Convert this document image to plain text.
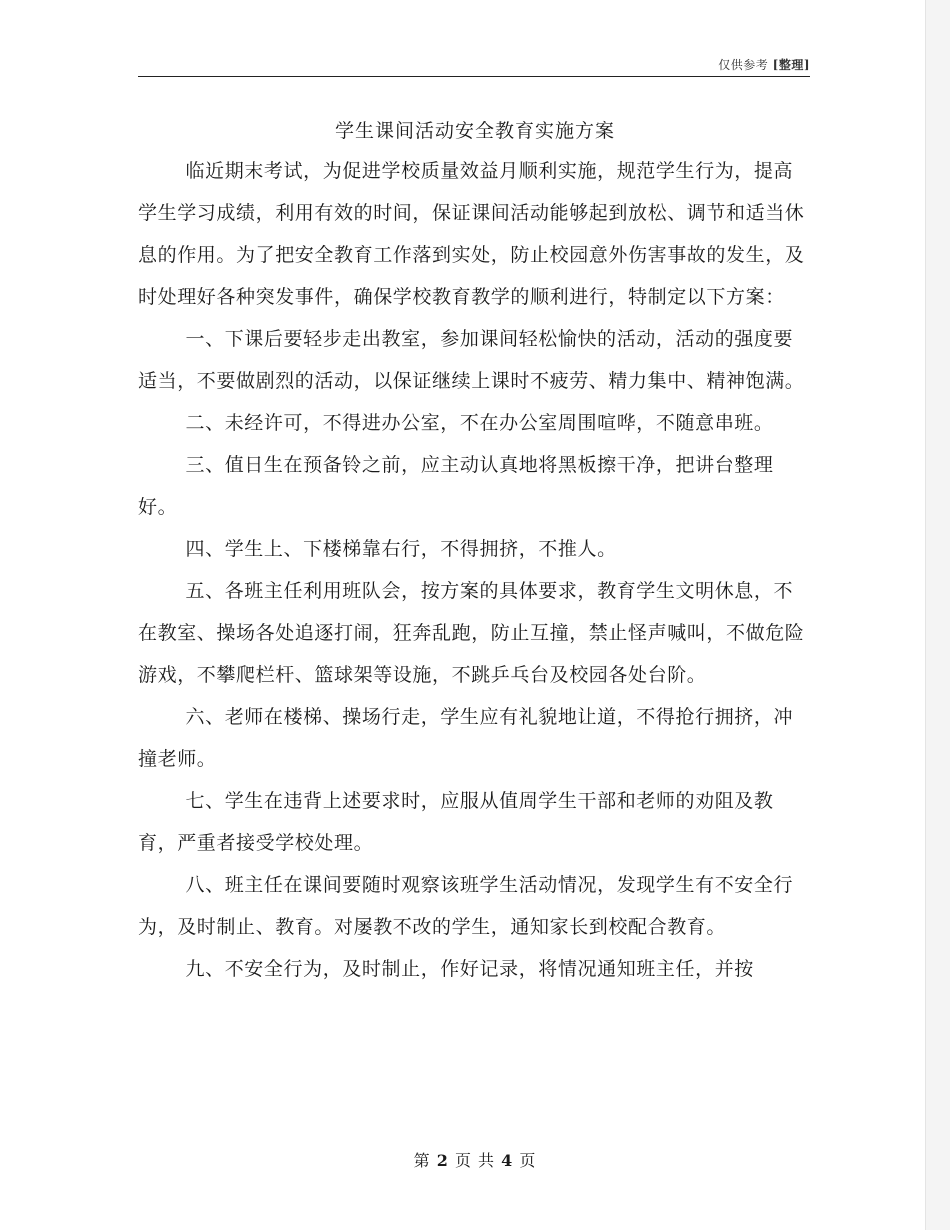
仅供参考 [整理]
学生课间活动安全教育实施方案

临近期末考试，为促进学校质量效益月顺利实施，规范学生行为，提高学生学习成绩，利用有效的时间，保证课间活动能够起到放松、调节和适当休息的作用。为了把安全教育工作落到实处，防止校园意外伤害事故的发生，及时处理好各种突发事件，确保学校教育教学的顺利进行，特制定以下方案：

一、下课后要轻步走出教室，参加课间轻松愉快的活动，活动的强度要适当，不要做剧烈的活动，以保证继续上课时不疲劳、精力集中、精神饱满。

二、未经许可，不得进办公室，不在办公室周围喧哗，不随意串班。

三、值日生在预备铃之前，应主动认真地将黑板擦干净，把讲台整理好。

四、学生上、下楼梯靠右行，不得拥挤，不推人。

五、各班主任利用班队会，按方案的具体要求，教育学生文明休息，不在教室、操场各处追逐打闹，狂奔乱跑，防止互撞，禁止怪声喊叫，不做危险游戏，不攀爬栏杆、篮球架等设施，不跳乒乓台及校园各处台阶。

六、老师在楼梯、操场行走，学生应有礼貌地让道，不得抢行拥挤，冲撞老师。

七、学生在违背上述要求时，应服从值周学生干部和老师的劝阻及教育，严重者接受学校处理。

八、班主任在课间要随时观察该班学生活动情况，发现学生有不安全行为，及时制止、教育。对屡教不改的学生，通知家长到校配合教育。

九、不安全行为，及时制止，作好记录，将情况通知班主任，并按

第 2 页 共 4 页
